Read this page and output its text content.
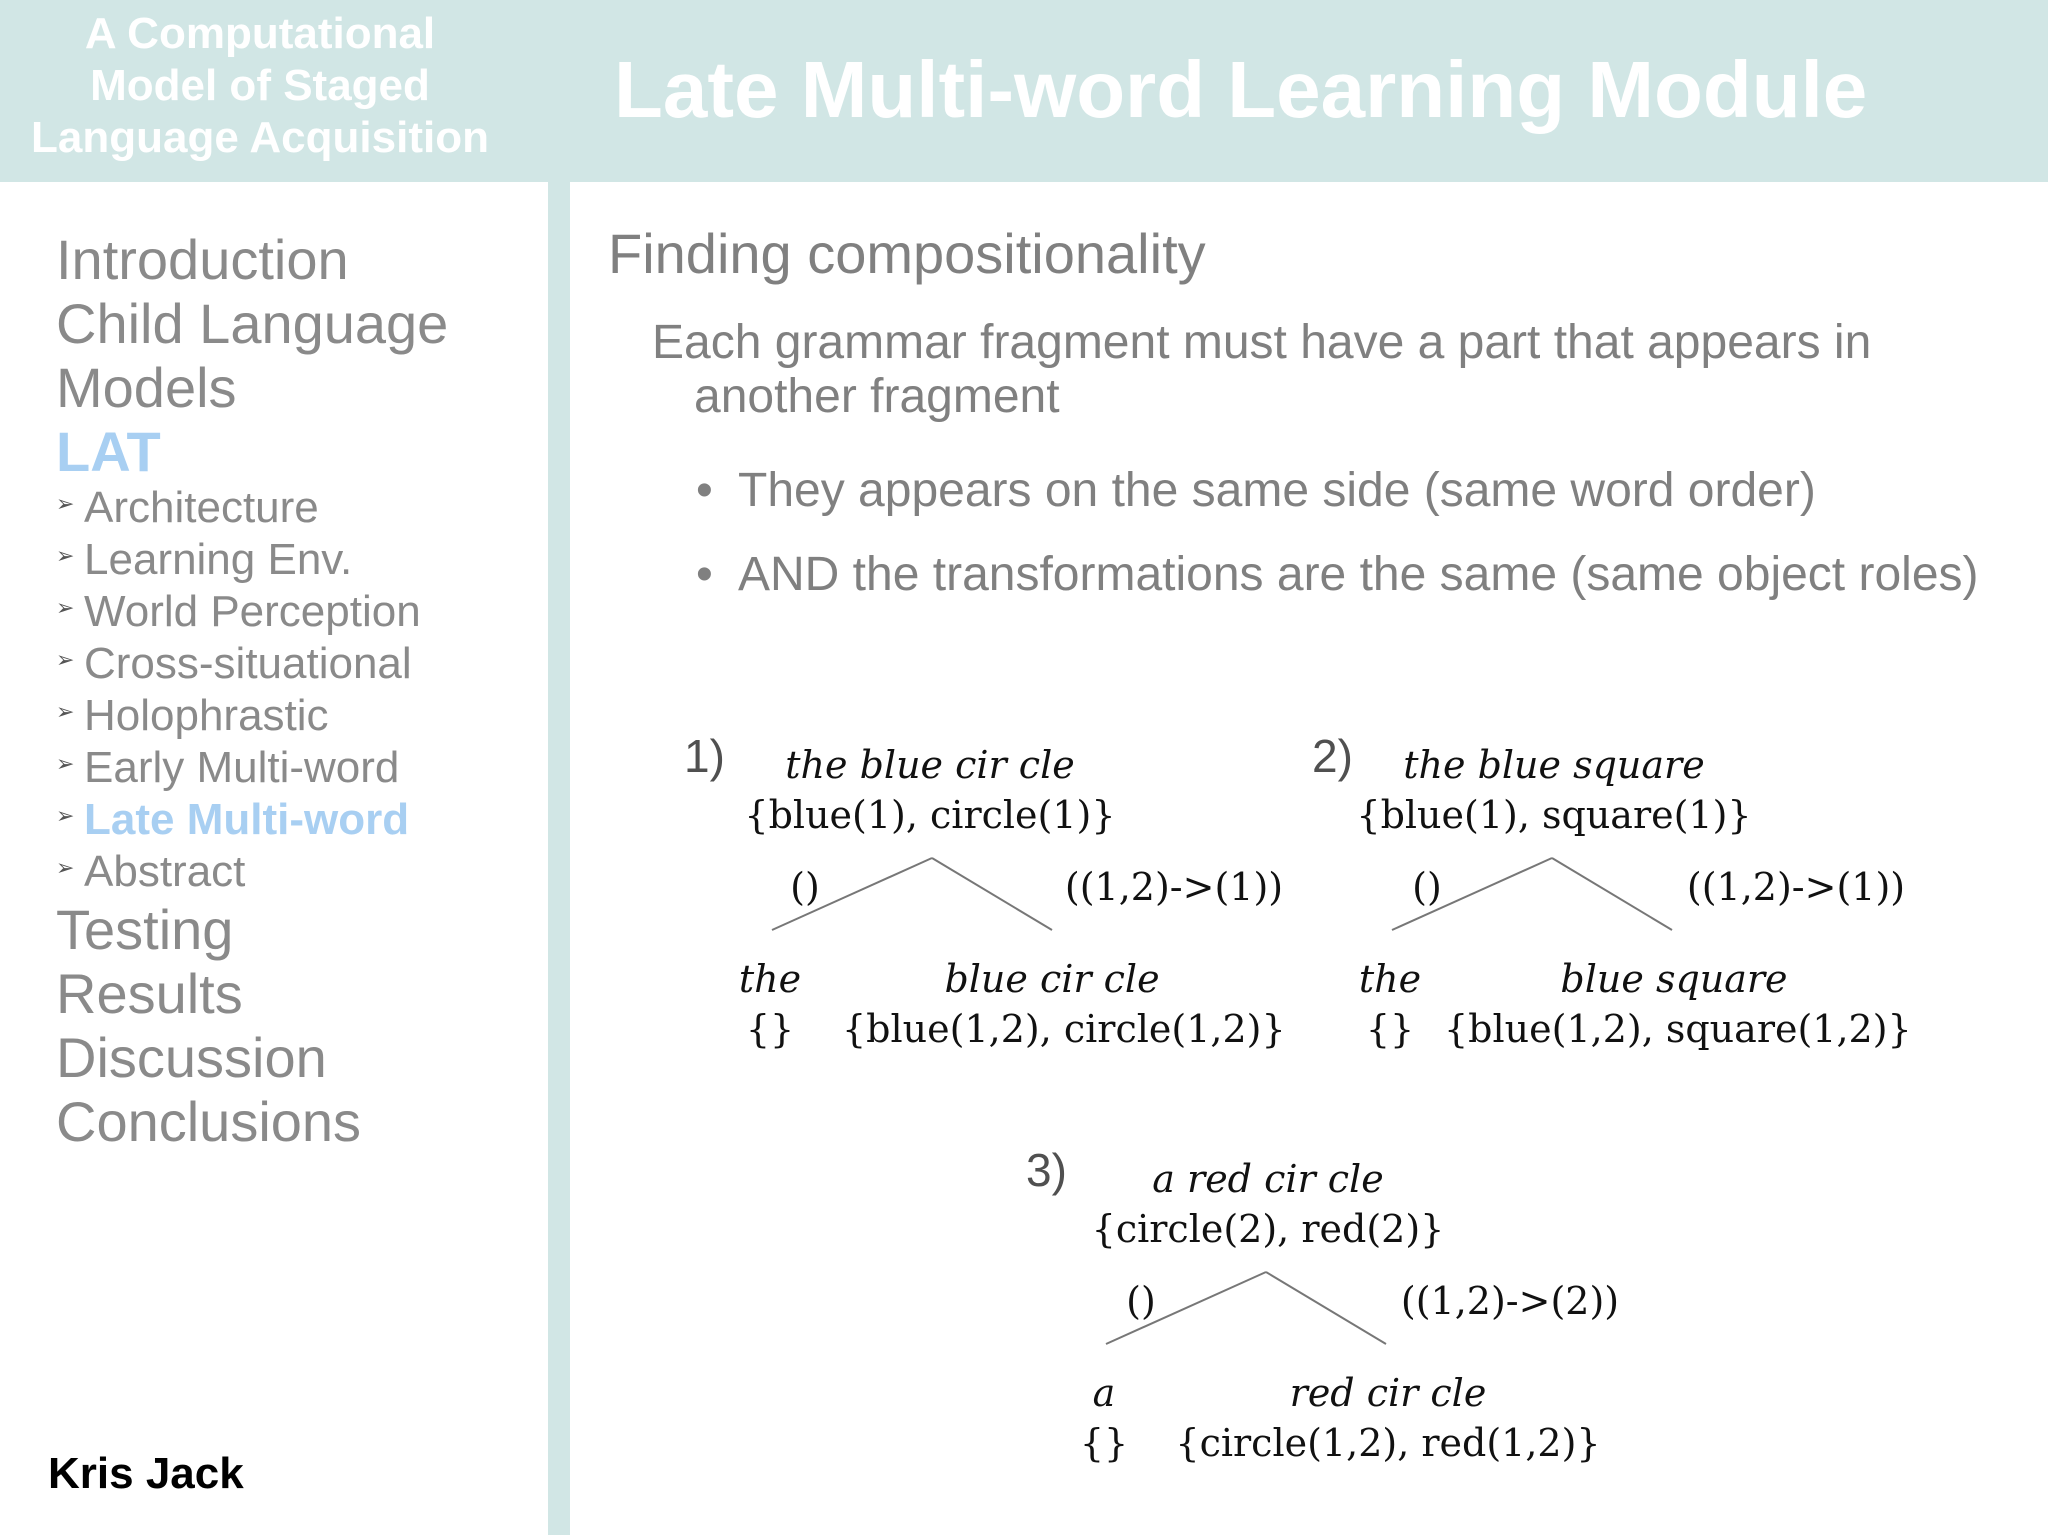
A Computational
Model of Staged
Language Acquisition
Late Multi-word Learning Module
Introduction
Child Language
Models
LAT
➢ Architecture
➢ Learning Env.
➢ World Perception
➢ Cross-situational
➢ Holophrastic
➢ Early Multi-word
➢ Late Multi-word
➢ Abstract
Testing
Results
Discussion
Conclusions
Kris Jack
Finding compositionality
Each grammar fragment must have a part that appears in
another fragment
• They appears on the same side (same word order)
• AND the transformations are the same (same object roles)
1)	the blue cir cle
{blue(1), circle(1)}
()	((1,2)->(1))
the
{}
blue cir cle
{blue(1,2), circle(1,2)}
2)	the blue square
{blue(1), square(1)}
()	((1,2)->(1))
the
{}
blue square
{blue(1,2), square(1,2)}
3)	a red cir cle
{circle(2), red(2)}
()	((1,2)->(2))
a
{}
red cir cle
{circle(1,2), red(1,2)}
